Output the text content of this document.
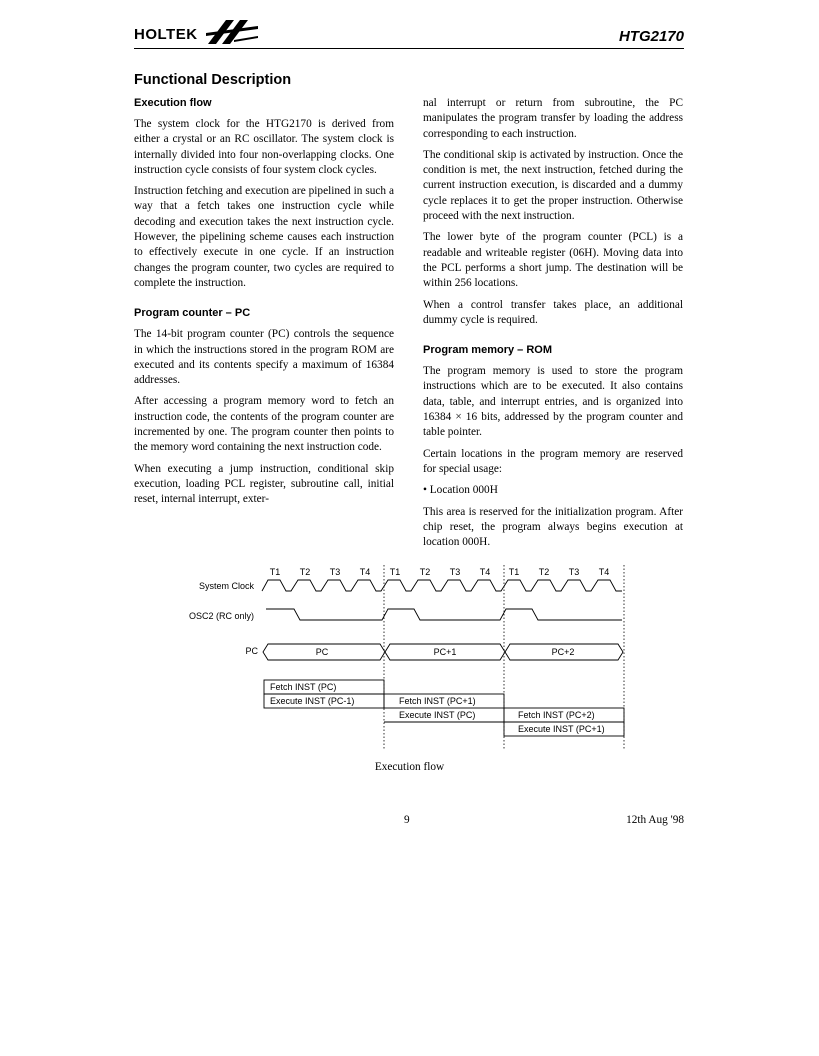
HOLTEK	HTG2170
Functional Description
Execution flow

The system clock for the HTG2170 is derived from either a crystal or an RC oscillator. The system clock is internally divided into four non-overlapping clocks. One instruction cycle consists of four system clock cycles.

Instruction fetching and execution are pipelined in such a way that a fetch takes one instruction cycle while decoding and execution takes the next instruction cycle. However, the pipelining scheme causes each instruction to effectively execute in one cycle. If an instruction changes the program counter, two cycles are required to complete the instruction.

Program counter – PC

The 14-bit program counter (PC) controls the sequence in which the instructions stored in the program ROM are executed and its contents specify a maximum of 16384 addresses.

After accessing a program memory word to fetch an instruction code, the contents of the program counter are incremented by one. The program counter then points to the memory word containing the next instruction code.

When executing a jump instruction, conditional skip execution, loading PCL register, subroutine call, initial reset, internal interrupt, exter-

nal interrupt or return from subroutine, the PC manipulates the program transfer by loading the address corresponding to each instruction.

The conditional skip is activated by instruction. Once the condition is met, the next instruction, fetched during the current instruction execution, is discarded and a dummy cycle replaces it to get the proper instruction. Otherwise proceed with the next instruction.

The lower byte of the program counter (PCL) is a readable and writeable register (06H). Moving data into the PCL performs a short jump. The destination will be within 256 locations.

When a control transfer takes place, an additional dummy cycle is required.

Program memory – ROM

The program memory is used to store the program instructions which are to be executed. It also contains data, table, and interrupt entries, and is organized into 16384 × 16 bits, addressed by the program counter and table pointer.

Certain locations in the program memory are reserved for special usage:

• Location 000H

This area is reserved for the initialization program. After chip reset, the program always begins execution at location 000H.

T1 T2 T3 T4 T1 T2 T3 T4 T1 T2 T3 T4
System Clock
OSC2 (RC only)
PC	PC	PC+1	PC+2
Fetch INST (PC)
Execute INST (PC-1)	Fetch INST (PC+1)
Execute INST (PC)	Fetch INST (PC+2)
Execute INST (PC+1)
Execution flow
9	12th Aug '98
